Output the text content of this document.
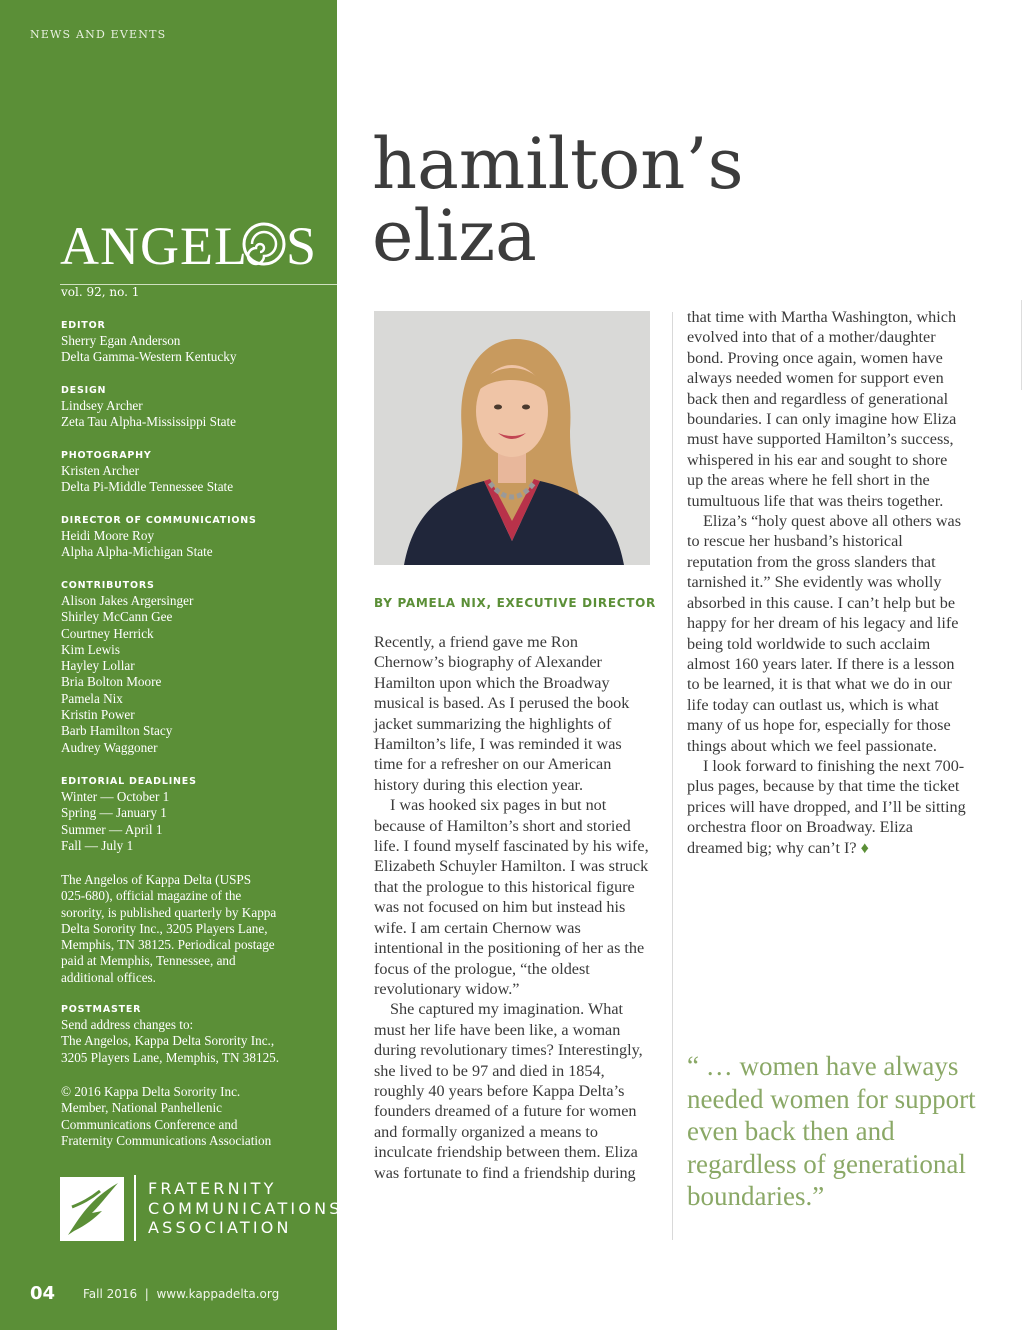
NEWS AND EVENTS
ANGEL S
vol. 92, no. 1
EDITOR
Sherry Egan Anderson
Delta Gamma-Western Kentucky
DESIGN
Lindsey Archer
Zeta Tau Alpha-Mississippi State
PHOTOGRAPHY
Kristen Archer
Delta Pi-Middle Tennessee State
DIRECTOR OF COMMUNICATIONS
Heidi Moore Roy
Alpha Alpha-Michigan State
CONTRIBUTORS
Alison Jakes Argersinger
Shirley McCann Gee
Courtney Herrick
Kim Lewis
Hayley Lollar
Bria Bolton Moore
Pamela Nix
Kristin Power
Barb Hamilton Stacy
Audrey Waggoner
EDITORIAL DEADLINES
Winter — October 1
Spring — January 1
Summer — April 1
Fall — July 1
The Angelos of Kappa Delta (USPS
025-680), official magazine of the
sorority, is published quarterly by Kappa
Delta Sorority Inc., 3205 Players Lane,
Memphis, TN 38125. Periodical postage
paid at Memphis, Tennessee, and
additional offices.
POSTMASTER
Send address changes to:
The Angelos, Kappa Delta Sorority Inc.,
3205 Players Lane, Memphis, TN 38125.
© 2016 Kappa Delta Sorority Inc.
Member, National Panhellenic
Communications Conference and
Fraternity Communications Association
FRATERNITY
COMMUNICATIONS
ASSOCIATION
04 Fall 2016  |  www.kappadelta.org
hamilton’s
eliza
BY PAMELA NIX, EXECUTIVE DIRECTOR

Recently, a friend gave me Ron Chernow’s biography of Alexander Hamilton upon which the Broadway musical is based. As I perused the book jacket summarizing the highlights of Hamilton’s life, I was reminded it was time for a refresher on our American history during this election year.

I was hooked six pages in but not because of Hamilton’s short and storied life. I found myself fascinated by his wife, Elizabeth Schuyler Hamilton. I was struck that the prologue to this historical figure was not focused on him but instead his wife. I am certain Chernow was intentional in the positioning of her as the focus of the prologue, “the oldest revolutionary widow.”

She captured my imagination. What must her life have been like, a woman during revolutionary times? Interestingly, she lived to be 97 and died in 1854, roughly 40 years before Kappa Delta’s founders dreamed of a future for women and formally organized a means to inculcate friendship between them. Eliza was fortunate to find a friendship during

that time with Martha Washington, which evolved into that of a mother/daughter bond. Proving once again, women have always needed women for support even back then and regardless of generational boundaries. I can only imagine how Eliza must have supported Hamilton’s success, whispered in his ear and sought to shore up the areas where he fell short in the tumultuous life that was theirs together.

Eliza’s “holy quest above all others was to rescue her husband’s historical reputation from the gross slanders that tarnished it.” She evidently was wholly absorbed in this cause. I can’t help but be happy for her dream of his legacy and life being told worldwide to such acclaim almost 160 years later. If there is a lesson to be learned, it is that what we do in our life today can outlast us, which is what many of us hope for, especially for those things about which we feel passionate.

I look forward to finishing the next 700-plus pages, because by that time the ticket prices will have dropped, and I’ll be sitting orchestra floor on Broadway. Eliza dreamed big; why can’t I? ♦

“ … women have always needed women for support even back then and regardless of generational boundaries.”
